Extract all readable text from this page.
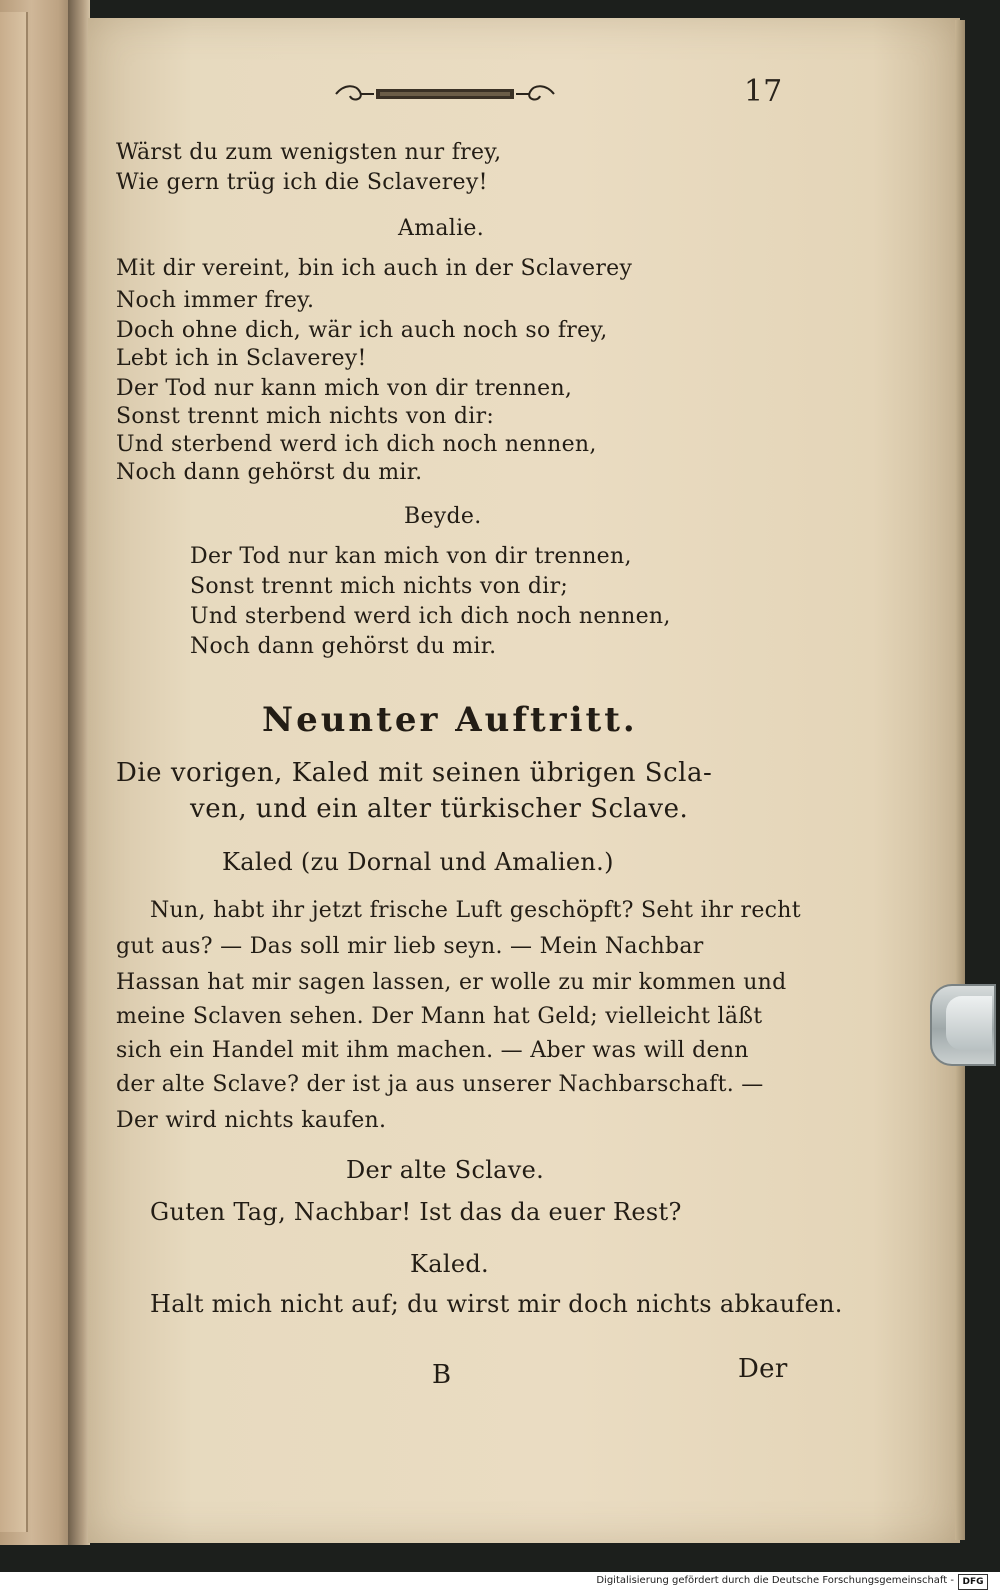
17
Wärst du zum wenigsten nur frey,
Wie gern trüg ich die Sclaverey!
Amalie.
Mit dir vereint, bin ich auch in der Sclaverey
Noch immer frey.
Doch ohne dich, wär ich auch noch so frey,
Lebt ich in Sclaverey!
Der Tod nur kann mich von dir trennen,
Sonst trennt mich nichts von dir:
Und sterbend werd ich dich noch nennen,
Noch dann gehörst du mir.
Beyde.
Der Tod nur kan mich von dir trennen,
Sonst trennt mich nichts von dir;
Und sterbend werd ich dich noch nennen,
Noch dann gehörst du mir.
Neunter Auftritt.
Die vorigen, Kaled mit seinen übrigen Scla-
ven, und ein alter türkischer Sclave.
Kaled (zu Dornal und Amalien.)
Nun, habt ihr jetzt frische Luft geschöpft? Seht ihr recht
gut aus? — Das soll mir lieb seyn. — Mein Nachbar
Hassan hat mir sagen lassen, er wolle zu mir kommen und
meine Sclaven sehen. Der Mann hat Geld; vielleicht läßt
sich ein Handel mit ihm machen. — Aber was will denn
der alte Sclave? der ist ja aus unserer Nachbarschaft. —
Der wird nichts kaufen.
Der alte Sclave.
Guten Tag, Nachbar! Ist das da euer Rest?
Kaled.
Halt mich nicht auf; du wirst mir doch nichts abkaufen.
B	Der
Digitalisierung gefördert durch die Deutsche Forschungsgemeinschaft - DFG
